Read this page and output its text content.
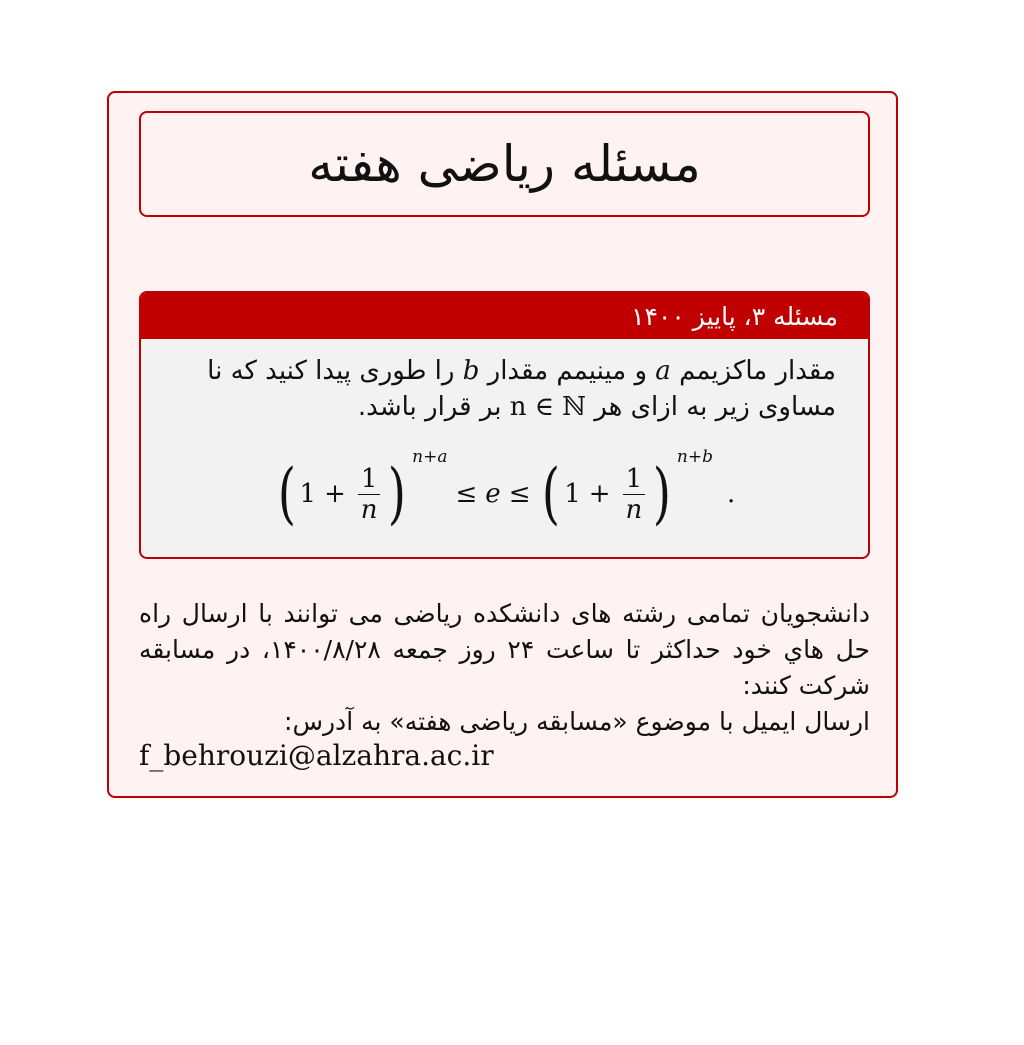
مسئله ریاضی هفته
مسئله ۳، پاییز ۱۴۰۰
مقدار ماکزیمم a و مینیمم مقدار b را طوری پیدا کنید که نا مساوی زیر به ازای هر n ∈ ℕ بر قرار باشد.
( $1 + \frac{1}{n}$ ) n+a
≤ e ≤ ( $1 + \frac{1}{n}$ ) n+b
.

دانشجویان تمامی رشته های دانشکده ریاضی می توانند با ارسال راه حل هاي خود حداکثر تا ساعت ۲۴ روز جمعه ۱۴۰۰/۸/۲۸، در مسابقه شرکت کنند:

ارسال ایمیل با موضوع «مسابقه ریاضی هفته» به آدرس:

f_behrouzi@alzahra.ac.ir
